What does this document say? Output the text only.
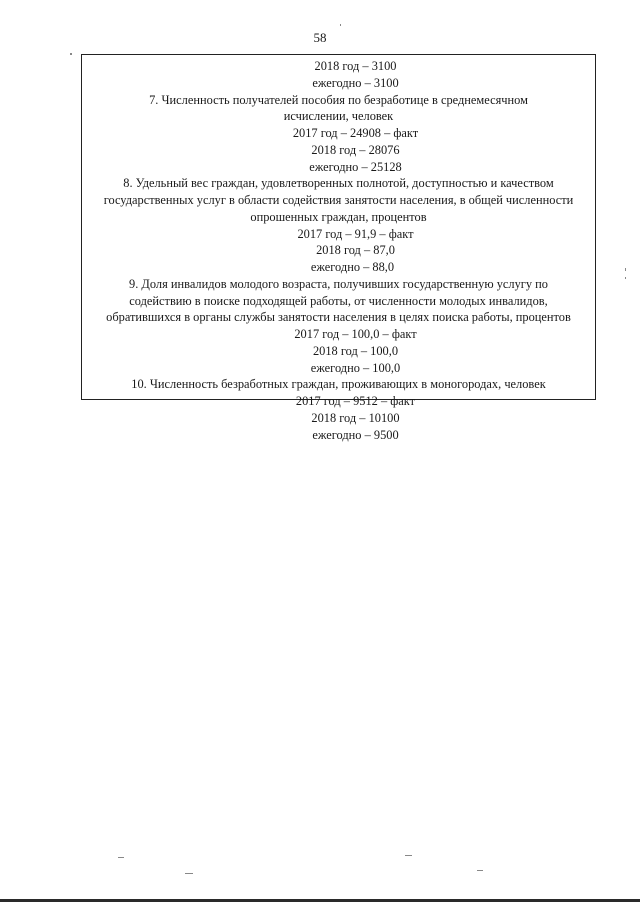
58
2018 год – 3100
ежегодно – 3100
7. Численность получателей пособия по безработице в среднемесячном
исчислении, человек
2017 год – 24908 – факт
2018 год – 28076
ежегодно – 25128
8. Удельный вес граждан, удовлетворенных полнотой, доступностью и качеством
государственных услуг в области содействия занятости населения, в общей численности
опрошенных граждан, процентов
2017 год – 91,9 – факт
2018 год – 87,0
ежегодно – 88,0
9. Доля инвалидов молодого возраста, получивших государственную услугу по
содействию в поиске подходящей работы, от численности молодых инвалидов,
обратившихся в органы службы занятости населения в целях поиска работы, процентов
2017 год – 100,0 – факт
2018 год – 100,0
ежегодно – 100,0
10. Численность безработных граждан, проживающих в моногородах, человек
2017 год – 9512 – факт
2018 год – 10100
ежегодно – 9500
